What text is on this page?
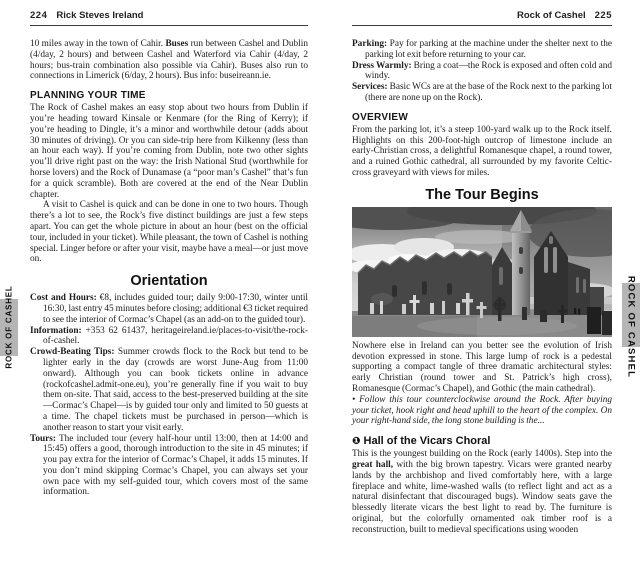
224 Rick Steves Ireland

10 miles away in the town of Cahir. Buses run between Cashel and Dublin (4/day, 2 hours) and between Cashel and Waterford via Cahir (4/day, 2 hours; bus-train combination also possible via Cahir). Buses also run to connections in Limerick (6/day, 2 hours). Bus info: buseireann.ie.

PLANNING YOUR TIME

The Rock of Cashel makes an easy stop about two hours from Dublin if you’re heading toward Kinsale or Kenmare (for the Ring of Kerry); if you’re heading to Dingle, it’s a minor and worthwhile detour (adds about 30 minutes of driving). Or you can side-trip here from Kilkenny (less than an hour each way). If you’re coming from Dublin, note two other sights you’ll drive right past on the way: the Irish National Stud (worthwhile for horse lovers) and the Rock of Dunamase (a “poor man’s Cashel” that’s fun for a quick scramble). Both are covered at the end of the Near Dublin chapter.

A visit to Cashel is quick and can be done in one to two hours. Though there’s a lot to see, the Rock’s five distinct buildings are just a few steps apart. You can get the whole picture in about an hour (best on the official tour, included in your ticket). While pleasant, the town of Cashel is nothing special. Linger before or after your visit, maybe have a meal—or just move on.

Orientation

Cost and Hours: €8, includes guided tour; daily 9:00-17:30, winter until 16:30, last entry 45 minutes before closing; additional €3 ticket required to see the interior of Cormac’s Chapel (as an add-on to the guided tour).

Information: +353 62 61437, heritageireland.ie/places-to-visit/the-rock-of-cashel.

Crowd-Beating Tips: Summer crowds flock to the Rock but tend to be lighter early in the day (crowds are worst June-Aug from 11:00 onward). Although you can book tickets online in advance (rockofcashel.admit-one.eu), you’re generally fine if you wait to buy them on-site. That said, access to the best-preserved building at the site—Cormac’s Chapel—is by guided tour only and limited to 50 guests at a time. The chapel tickets must be purchased in person—which is another reason to start your visit early.

Tours: The included tour (every half-hour until 13:00, then at 14:00 and 15:45) offers a good, thorough introduction to the site in 45 minutes; if you pay extra for the interior of Cormac’s Chapel, it adds 15 minutes. If you don’t mind skipping Cormac’s Chapel, you can always set your own pace with my self-guided tour, which covers most of the same information.

Rock of Cashel 225

Parking: Pay for parking at the machine under the shelter next to the parking lot exit before returning to your car.

Dress Warmly: Bring a coat—the Rock is exposed and often cold and windy.

Services: Basic WCs are at the base of the Rock next to the parking lot (there are none up on the Rock).

OVERVIEW

From the parking lot, it’s a steep 100-yard walk up to the Rock itself. Highlights on this 200-foot-high outcrop of limestone include an early-Christian cross, a delightful Romanesque chapel, a round tower, and a ruined Gothic cathedral, all surrounded by my favorite Celtic-cross graveyard with views for miles.

The Tour Begins

Nowhere else in Ireland can you better see the evolution of Irish devotion expressed in stone. This large lump of rock is a pedestal supporting a compact tangle of three dramatic architectural styles: early Christian (round tower and St. Patrick’s high cross), Romanesque (Cormac’s Chapel), and Gothic (the main cathedral).

• Follow this tour counterclockwise around the Rock. After buying your ticket, hook right and head uphill to the heart of the complex. On your right-hand side, the long stone building is the...

❶ Hall of the Vicars Choral

This is the youngest building on the Rock (early 1400s). Step into the great hall, with the big brown tapestry. Vicars were granted nearby lands by the archbishop and lived comfortably here, with a large fireplace and white, lime-washed walls (to reflect light and act as a natural disinfectant that discouraged bugs). Window seats gave the blessedly literate vicars the best light to read by. The furniture is original, but the colorfully ornamented oak timber roof is a reconstruction, built to medieval specifications using wooden

ROCK OF CASHEL	ROCK OF CASHEL
